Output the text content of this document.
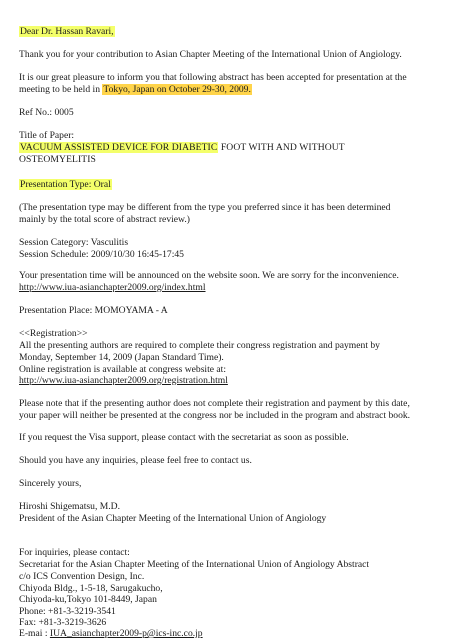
Dear Dr. Hassan Ravari,
Thank you for your contribution to Asian Chapter Meeting of the International Union of Angiology.
It is our great pleasure to inform you that following abstract has been accepted for presentation at the
meeting to be held in Tokyo, Japan on October 29-30, 2009.
Ref No.: 0005
Title of Paper:
VACUUM ASSISTED DEVICE FOR DIABETIC FOOT WITH AND WITHOUT
OSTEOMYELITIS
Presentation Type: Oral
(The presentation type may be different from the type you preferred since it has been determined
mainly by the total score of abstract review.)
Session Category: Vasculitis
Session Schedule: 2009/10/30 16:45-17:45
Your presentation time will be announced on the website soon. We are sorry for the inconvenience.
http://www.iua-asianchapter2009.org/index.html
Presentation Place: MOMOYAMA - A
<<Registration>>
All the presenting authors are required to complete their congress registration and payment by
Monday, September 14, 2009 (Japan Standard Time).
Online registration is available at congress website at:
http://www.iua-asianchapter2009.org/registration.html
Please note that if the presenting author does not complete their registration and payment by this date,
your paper will neither be presented at the congress nor be included in the program and abstract book.
If you request the Visa support, please contact with the secretariat as soon as possible.
Should you have any inquiries, please feel free to contact us.
Sincerely yours,
Hiroshi Shigematsu, M.D.
President of the Asian Chapter Meeting of the International Union of Angiology
For inquiries, please contact:
Secretariat for the Asian Chapter Meeting of the International Union of Angiology Abstract
c/o ICS Convention Design, Inc.
Chiyoda Bldg., 1-5-18, Sarugakucho,
Chiyoda-ku,Tokyo 101-8449, Japan
Phone: +81-3-3219-3541
Fax: +81-3-3219-3626
E-mai : IUA_asianchapter2009-p@ics-inc.co.jp
